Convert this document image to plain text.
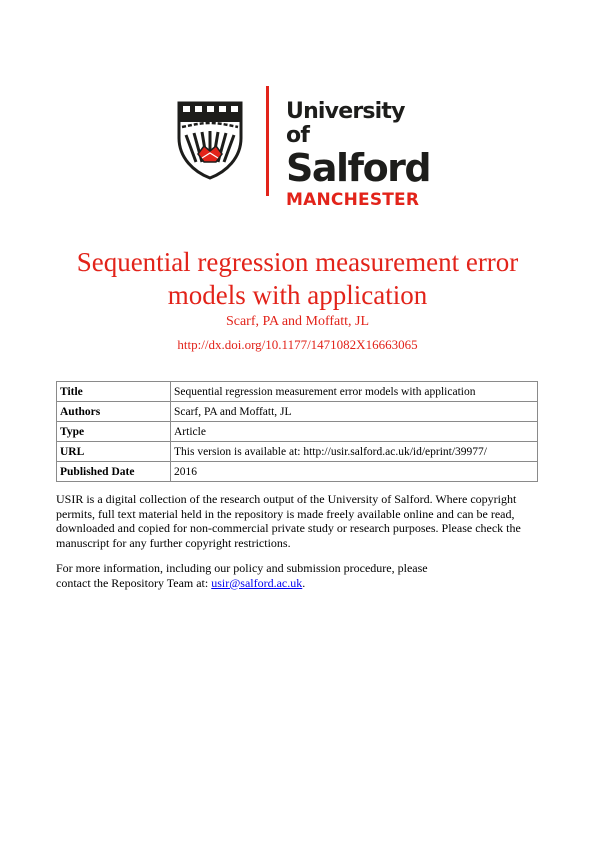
University of
Salford
MANCHESTER
Sequential regression measurement error
models with application
Scarf, PA and Moffatt, JL
http://dx.doi.org/10.1177/1471082X16663065
Title	Sequential regression measurement error models with application
Authors	Scarf, PA and Moffatt, JL
Type	Article
URL	This version is available at: http://usir.salford.ac.uk/id/eprint/39977/
Published Date	2016

USIR is a digital collection of the research output of the University of Salford. Where copyright permits, full text material held in the repository is made freely available online and can be read, downloaded and copied for non-commercial private study or research purposes. Please check the manuscript for any further copyright restrictions.

For more information, including our policy and submission procedure, please
contact the Repository Team at: usir@salford.ac.uk.
